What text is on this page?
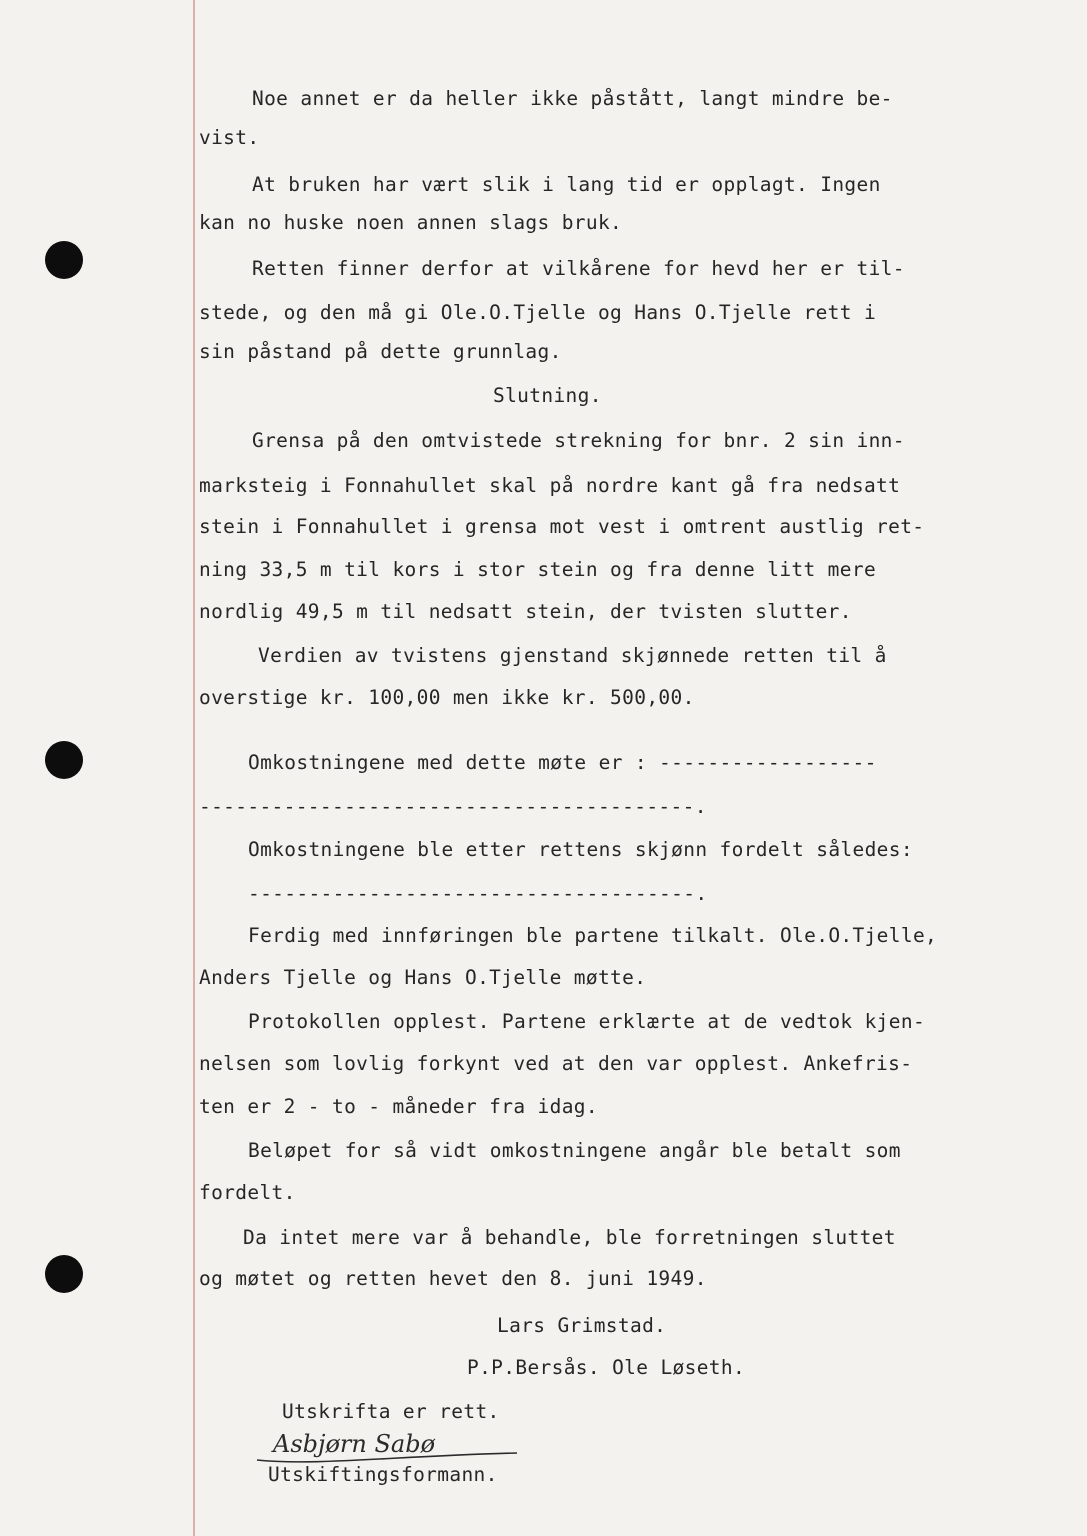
Noe annet er da heller ikke påstått, langt mindre be-
vist.
At bruken har vært slik i lang tid er opplagt. Ingen
kan no huske noen annen slags bruk.
Retten finner derfor at vilkårene for hevd her er til-
stede, og den må gi Ole.O.Tjelle og Hans O.Tjelle rett i
sin påstand på dette grunnlag.
Slutning.
Grensa på den omtvistede strekning for bnr. 2 sin inn-
marksteig i Fonnahullet skal på nordre kant gå fra nedsatt
stein i Fonnahullet i grensa mot vest i omtrent austlig ret-
ning 33,5 m til kors i stor stein og fra denne litt mere
nordlig 49,5 m til nedsatt stein, der tvisten slutter.
Verdien av tvistens gjenstand skjønnede retten til å
overstige kr. 100,00 men ikke kr. 500,00.
Omkostningene med dette møte er : ------------------
-----------------------------------------.
Omkostningene ble etter rettens skjønn fordelt således:
-------------------------------------.
Ferdig med innføringen ble partene tilkalt. Ole.O.Tjelle,
Anders Tjelle og Hans O.Tjelle møtte.
Protokollen opplest. Partene erklærte at de vedtok kjen-
nelsen som lovlig forkynt ved at den var opplest. Ankefris-
ten er 2 - to - måneder fra idag.
Beløpet for så vidt omkostningene angår ble betalt som
fordelt.
Da intet mere var å behandle, ble forretningen sluttet
og møtet og retten hevet den 8. juni 1949.
Lars Grimstad.
P.P.Bersås. Ole Løseth.
Utskrifta er rett.
Asbjørn Sabø
Utskiftingsformann.
